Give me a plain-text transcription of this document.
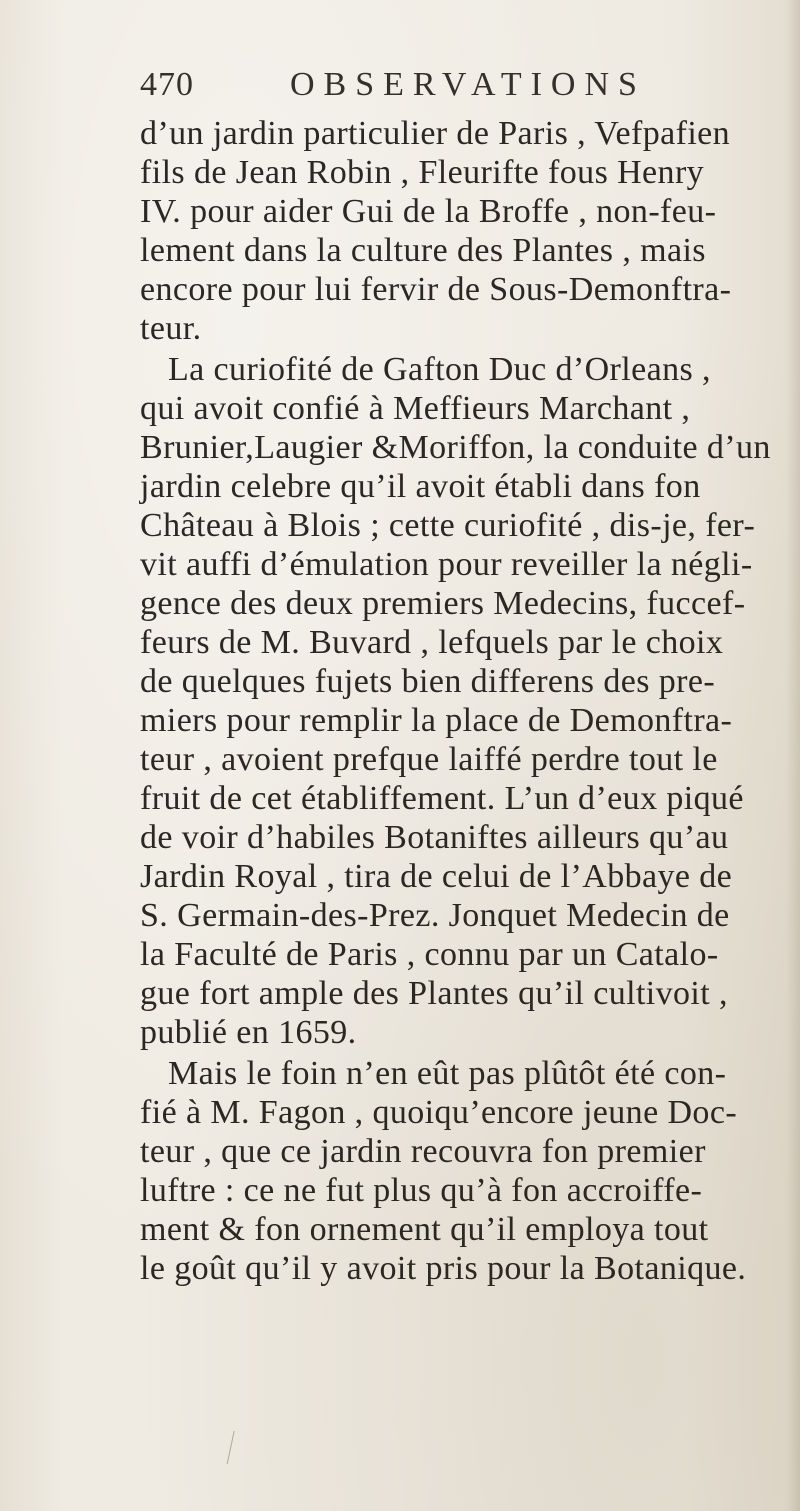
470	OBSERVATIONS
d’un jardin particulier de Paris , Vefpafien
fils de Jean Robin , Fleurifte fous Henry
IV. pour aider Gui de la Broffe , non-feu-
lement dans la culture des Plantes , mais
encore pour lui fervir de Sous-Demonftra-
teur.
La curiofité de Gafton Duc d’Orleans ,
qui avoit confié à Meffieurs Marchant ,
Brunier,Laugier &Moriffon, la conduite d’un
jardin celebre qu’il avoit établi dans fon
Château à Blois ; cette curiofité , dis-je, fer-
vit auffi d’émulation pour reveiller la négli-
gence des deux premiers Medecins, fuccef-
feurs de M. Buvard , lefquels par le choix
de quelques fujets bien differens des pre-
miers pour remplir la place de Demonftra-
teur , avoient prefque laiffé perdre tout le
fruit de cet établiffement. L’un d’eux piqué
de voir d’habiles Botaniftes ailleurs qu’au
Jardin Royal , tira de celui de l’Abbaye de
S. Germain-des-Prez. Jonquet Medecin de
la Faculté de Paris , connu par un Catalo-
gue fort ample des Plantes qu’il cultivoit ,
publié en 1659.
Mais le foin n’en eût pas plûtôt été con-
fié à M. Fagon , quoiqu’encore jeune Doc-
teur , que ce jardin recouvra fon premier
luftre : ce ne fut plus qu’à fon accroiffe-
ment & fon ornement qu’il employa tout
le goût qu’il y avoit pris pour la Botanique.
